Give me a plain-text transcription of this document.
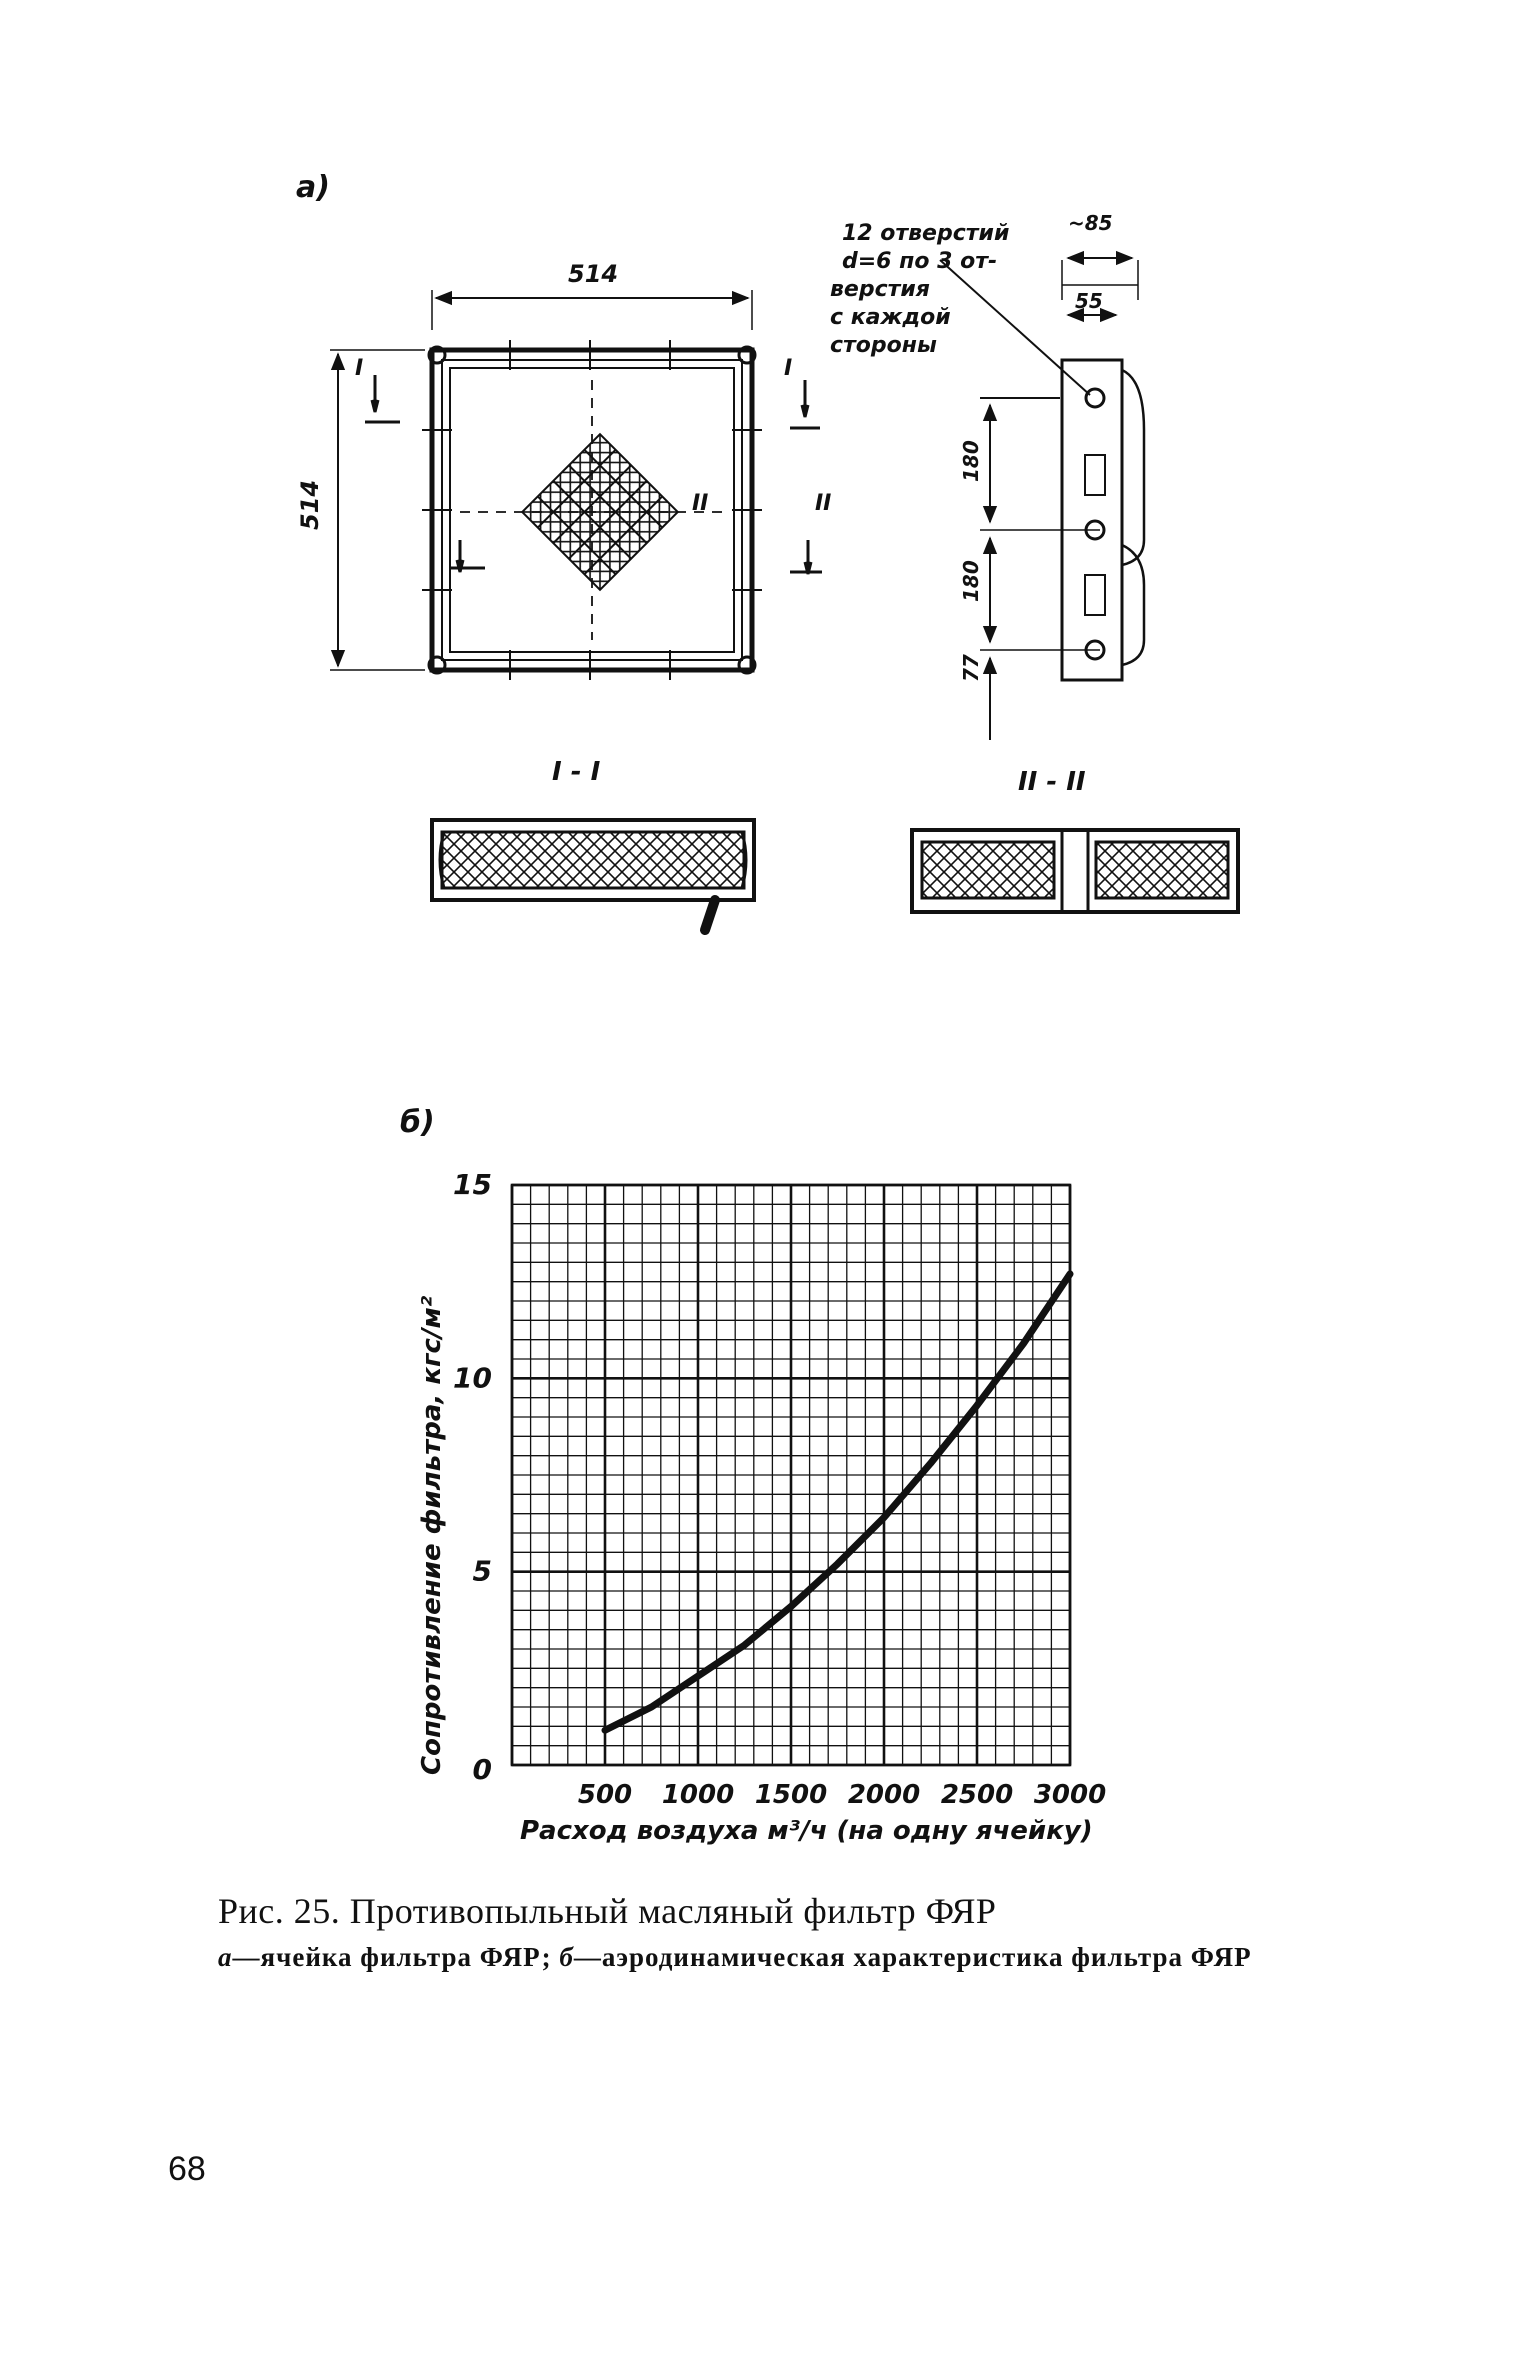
а)
б)
514
514
I	I
II	II
~85
55
180
180
77
12 отверстий
d=6 по 3 от-
верстия
с каждой
стороны
I - I	II - II
500 1000 1500 2000 2500 3000
0
5
10
15
Сопротивление фильтра, кгс/м²
Расход воздуха м³/ч (на одну ячейку)
Рис. 25. Противопыльный масляный фильтр ФЯР
а—ячейка фильтра ФЯР; б—аэродинамическая характеристика фильтра ФЯР
68
